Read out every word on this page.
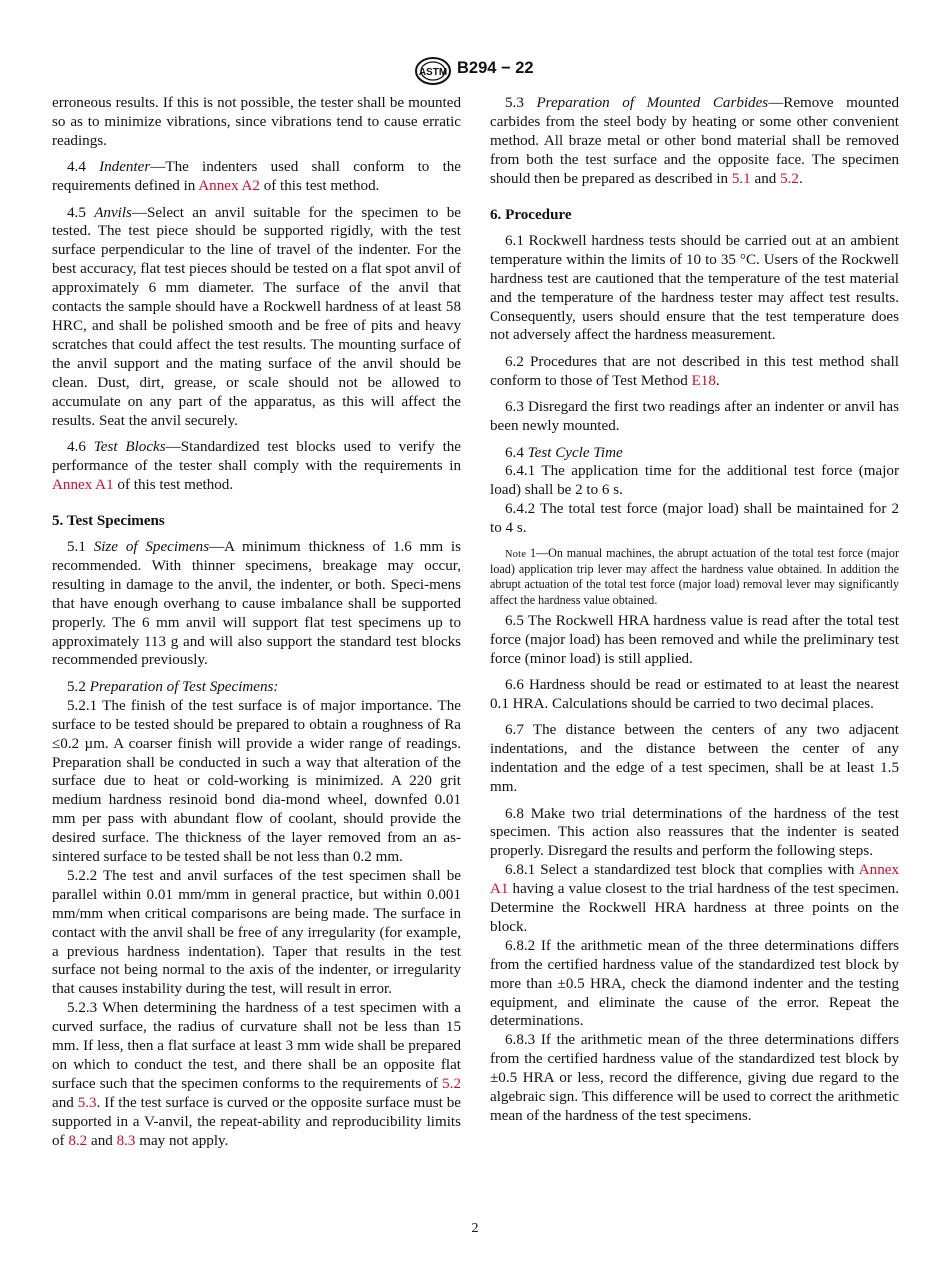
ASTM B294 − 22

erroneous results. If this is not possible, the tester shall be mounted so as to minimize vibrations, since vibrations tend to cause erratic readings.

4.4 Indenter—The indenters used shall conform to the requirements defined in Annex A2 of this test method.

4.5 Anvils—Select an anvil suitable for the specimen to be tested. The test piece should be supported rigidly, with the test surface perpendicular to the line of travel of the indenter. For the best accuracy, flat test pieces should be tested on a flat spot anvil of approximately 6 mm diameter. The surface of the anvil that contacts the sample should have a Rockwell hardness of at least 58 HRC, and shall be polished smooth and be free of pits and heavy scratches that could affect the test results. The mounting surface of the anvil support and the mating surface of the anvil should be clean. Dust, dirt, grease, or scale should not be allowed to accumulate on any part of the apparatus, as this will affect the results. Seat the anvil securely.

4.6 Test Blocks—Standardized test blocks used to verify the performance of the tester shall comply with the requirements in Annex A1 of this test method.

5. Test Specimens

5.1 Size of Specimens—A minimum thickness of 1.6 mm is recommended. With thinner specimens, breakage may occur, resulting in damage to the anvil, the indenter, or both. Speci-mens that have enough overhang to cause imbalance shall be supported properly. The 6 mm anvil will support flat test specimens up to approximately 113 g and will also support the standard test blocks recommended previously.

5.2 Preparation of Test Specimens:

5.2.1 The finish of the test surface is of major importance. The surface to be tested should be prepared to obtain a roughness of Ra ≤0.2 µm. A coarser finish will provide a wider range of readings. Preparation shall be conducted in such a way that alteration of the surface due to heat or cold-working is minimized. A 220 grit medium hardness resinoid bond dia-mond wheel, downfed 0.01 mm per pass with abundant flow of coolant, should provide the desired surface. The thickness of the layer removed from an as-sintered surface to be tested shall be not less than 0.2 mm.

5.2.2 The test and anvil surfaces of the test specimen shall be parallel within 0.01 mm/mm in general practice, but within 0.001 mm/mm when critical comparisons are being made. The surface in contact with the anvil shall be free of any irregularity (for example, a previous hardness indentation). Taper that results in the test surface not being normal to the axis of the indenter, or irregularity that causes instability during the test, will result in error.

5.2.3 When determining the hardness of a test specimen with a curved surface, the radius of curvature shall not be less than 15 mm. If less, then a flat surface at least 3 mm wide shall be prepared on which to conduct the test, and there shall be an opposite flat surface such that the specimen conforms to the requirements of 5.2 and 5.3. If the test surface is curved or the opposite surface must be supported in a V-anvil, the repeat-ability and reproducibility limits of 8.2 and 8.3 may not apply.

5.3 Preparation of Mounted Carbides—Remove mounted carbides from the steel body by heating or some other convenient method. All braze metal or other bond material shall be removed from both the test surface and the opposite face. The specimen should then be prepared as described in 5.1 and 5.2.

6. Procedure

6.1 Rockwell hardness tests should be carried out at an ambient temperature within the limits of 10 to 35 °C. Users of the Rockwell hardness test are cautioned that the temperature of the test material and the temperature of the hardness tester may affect test results. Consequently, users should ensure that the test temperature does not adversely affect the hardness measurement.

6.2 Procedures that are not described in this test method shall conform to those of Test Method E18.

6.3 Disregard the first two readings after an indenter or anvil has been newly mounted.

6.4 Test Cycle Time

6.4.1 The application time for the additional test force (major load) shall be 2 to 6 s.

6.4.2 The total test force (major load) shall be maintained for 2 to 4 s.

Note 1—On manual machines, the abrupt actuation of the total test force (major load) application trip lever may affect the hardness value obtained. In addition the abrupt actuation of the total test force (major load) removal lever may significantly affect the hardness value obtained.

6.5 The Rockwell HRA hardness value is read after the total test force (major load) has been removed and while the preliminary test force (minor load) is still applied.

6.6 Hardness should be read or estimated to at least the nearest 0.1 HRA. Calculations should be carried to two decimal places.

6.7 The distance between the centers of any two adjacent indentations, and the distance between the center of any indentation and the edge of a test specimen, shall be at least 1.5 mm.

6.8 Make two trial determinations of the hardness of the test specimen. This action also reassures that the indenter is seated properly. Disregard the results and perform the following steps.

6.8.1 Select a standardized test block that complies with Annex A1 having a value closest to the trial hardness of the test specimen. Determine the Rockwell HRA hardness at three points on the block.

6.8.2 If the arithmetic mean of the three determinations differs from the certified hardness value of the standardized test block by more than ±0.5 HRA, check the diamond indenter and the testing equipment, and eliminate the cause of the error. Repeat the determinations.

6.8.3 If the arithmetic mean of the three determinations differs from the certified hardness value of the standardized test block by ±0.5 HRA or less, record the difference, giving due regard to the algebraic sign. This difference will be used to correct the arithmetic mean of the hardness of the test specimens.

2
